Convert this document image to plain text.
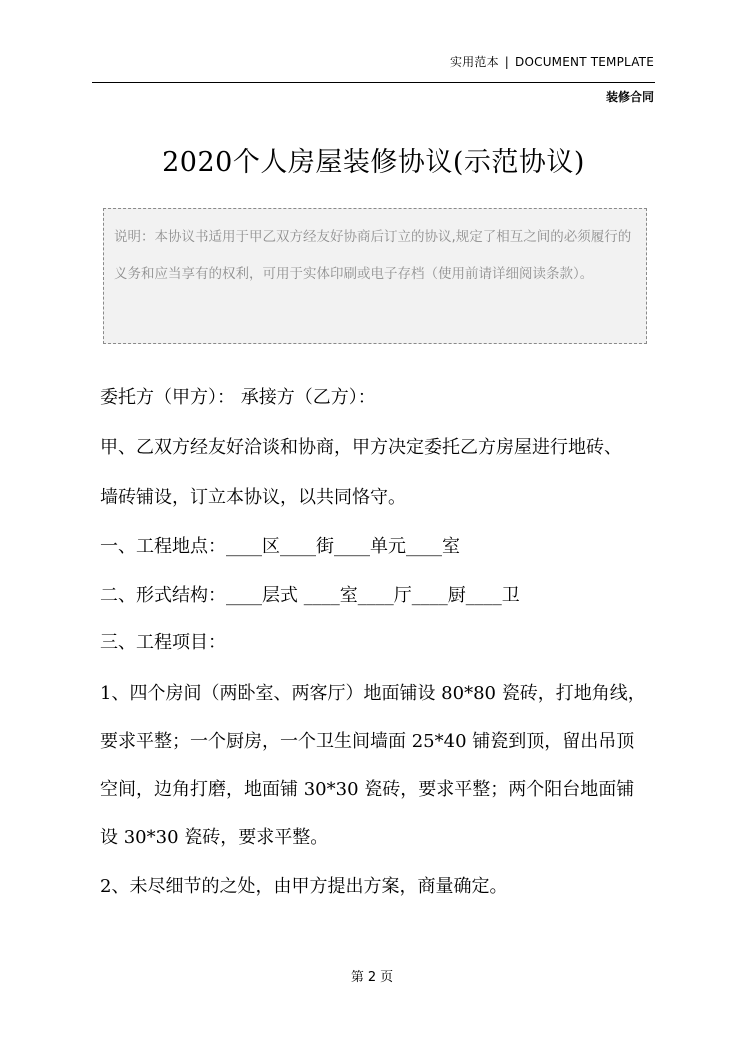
实用范本 | DOCUMENT TEMPLATE
装修合同
2020个人房屋装修协议(示范协议)
说明：本协议书适用于甲乙双方经友好协商后订立的协议,规定了相互之间的必须履行的义务和应当享有的权利，可用于实体印刷或电子存档（使用前请详细阅读条款）。
委托方（甲方）： 承接方（乙方）：
甲、乙双方经友好洽谈和协商，甲方决定委托乙方房屋进行地砖、
墙砖铺设，订立本协议，以共同恪守。
一、工程地点：____区____街____单元____室
二、形式结构：____层式 ____室____厅____厨____卫
三、工程项目：
1、四个房间（两卧室、两客厅）地面铺设 80*80 瓷砖，打地角线，
要求平整；一个厨房，一个卫生间墙面 25*40 铺瓷到顶，留出吊顶
空间，边角打磨，地面铺 30*30 瓷砖，要求平整；两个阳台地面铺
设 30*30 瓷砖，要求平整。
2、未尽细节的之处，由甲方提出方案，商量确定。
第 2 页
